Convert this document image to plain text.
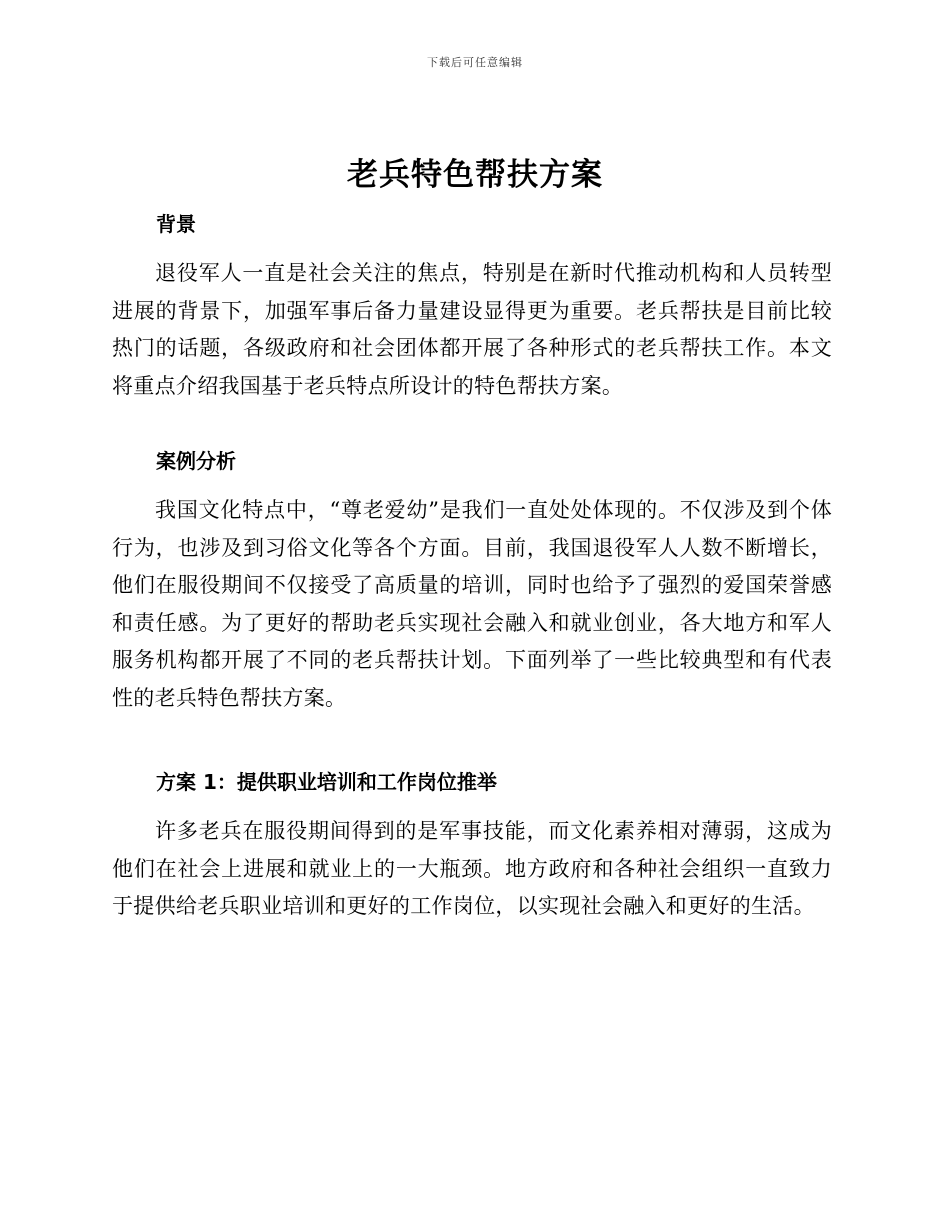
下载后可任意编辑
老兵特色帮扶方案
背景

退役军人一直是社会关注的焦点，特别是在新时代推动机构和人员转型进展的背景下，加强军事后备力量建设显得更为重要。老兵帮扶是目前比较热门的话题，各级政府和社会团体都开展了各种形式的老兵帮扶工作。本文将重点介绍我国基于老兵特点所设计的特色帮扶方案。

案例分析

我国文化特点中，“尊老爱幼”是我们一直处处体现的。不仅涉及到个体行为，也涉及到习俗文化等各个方面。目前，我国退役军人人数不断增长，他们在服役期间不仅接受了高质量的培训，同时也给予了强烈的爱国荣誉感和责任感。为了更好的帮助老兵实现社会融入和就业创业，各大地方和军人服务机构都开展了不同的老兵帮扶计划。下面列举了一些比较典型和有代表性的老兵特色帮扶方案。

方案 1：提供职业培训和工作岗位推举

许多老兵在服役期间得到的是军事技能，而文化素养相对薄弱，这成为他们在社会上进展和就业上的一大瓶颈。地方政府和各种社会组织一直致力于提供给老兵职业培训和更好的工作岗位，以实现社会融入和更好的生活。
